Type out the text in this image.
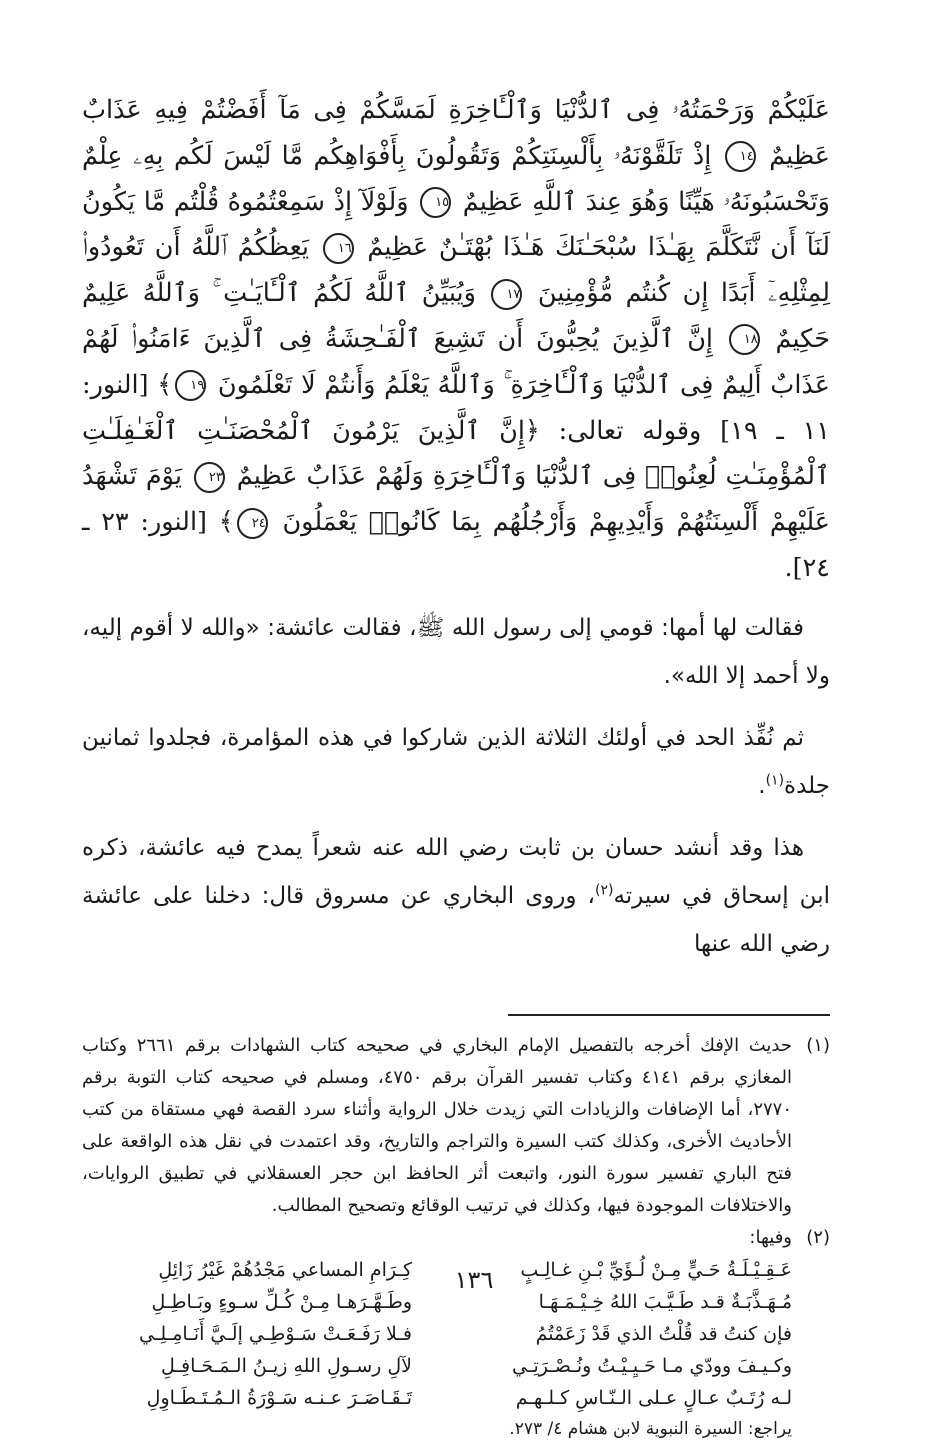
عَلَيْكُمْ وَرَحْمَتُهُۥ فِى ٱلدُّنْيَا وَٱلْـَٔاخِرَةِ لَمَسَّكُمْ فِى مَآ أَفَضْتُمْ فِيهِ عَذَابٌ عَظِيمٌ ١٤ إِذْ تَلَقَّوْنَهُۥ بِأَلْسِنَتِكُمْ وَتَقُولُونَ بِأَفْوَاهِكُم مَّا لَيْسَ لَكُم بِهِۦ عِلْمٌ وَتَحْسَبُونَهُۥ هَيِّنًا وَهُوَ عِندَ ٱللَّهِ عَظِيمٌ ١٥ وَلَوْلَآ إِذْ سَمِعْتُمُوهُ قُلْتُم مَّا يَكُونُ لَنَآ أَن نَّتَكَلَّمَ بِهَـٰذَا سُبْحَـٰنَكَ هَـٰذَا بُهْتَـٰنٌ عَظِيمٌ ١٦ يَعِظُكُمُ ٱللَّهُ أَن تَعُودُوا۟ لِمِثْلِهِۦٓ أَبَدًا إِن كُنتُم مُّؤْمِنِينَ ١٧ وَيُبَيِّنُ ٱللَّهُ لَكُمُ ٱلْـَٔايَـٰتِ ۚ وَٱللَّهُ عَلِيمٌ حَكِيمٌ ١٨ إِنَّ ٱلَّذِينَ يُحِبُّونَ أَن تَشِيعَ ٱلْفَـٰحِشَةُ فِى ٱلَّذِينَ ءَامَنُوا۟ لَهُمْ عَذَابٌ أَلِيمٌ فِى ٱلدُّنْيَا وَٱلْـَٔاخِرَةِ ۚ وَٱللَّهُ يَعْلَمُ وَأَنتُمْ لَا تَعْلَمُونَ ١٩﴾ [النور: ١١ ـ ١٩] وقوله تعالى: ﴿إِنَّ ٱلَّذِينَ يَرْمُونَ ٱلْمُحْصَنَـٰتِ ٱلْغَـٰفِلَـٰتِ ٱلْمُؤْمِنَـٰتِ لُعِنُوا۟ فِى ٱلدُّنْيَا وَٱلْـَٔاخِرَةِ وَلَهُمْ عَذَابٌ عَظِيمٌ ٢٣ يَوْمَ تَشْهَدُ عَلَيْهِمْ أَلْسِنَتُهُمْ وَأَيْدِيهِمْ وَأَرْجُلُهُم بِمَا كَانُوا۟ يَعْمَلُونَ ٢٤﴾ [النور: ٢٣ ـ ٢٤].

فقالت لها أمها: قومي إلى رسول الله ﷺ، فقالت عائشة: «والله لا أقوم إليه، ولا أحمد إلا الله».

ثم نُفِّذ الحد في أولئك الثلاثة الذين شاركوا في هذه المؤامرة، فجلدوا ثمانين جلدة$^{(١)}$.

هذا وقد أنشد حسان بن ثابت رضي الله عنه شعراً يمدح فيه عائشة، ذكره ابن إسحاق في سيرته$^{(٢)}$، وروى البخاري عن مسروق قال: دخلنا على عائشة رضي الله عنها

(١)
حديث الإفك أخرجه بالتفصيل الإمام البخاري في صحيحه كتاب الشهادات برقم ٢٦٦١ وكتاب المغازي برقم ٤١٤١ وكتاب تفسير القرآن برقم ٤٧٥٠، ومسلم في صحيحه كتاب التوبة برقم ٢٧٧٠، أما الإضافات والزيادات التي زيدت خلال الرواية وأثناء سرد القصة فهي مستقاة من كتب الأحاديث الأخرى، وكذلك كتب السيرة والتراجم والتاريخ، وقد اعتمدت في نقل هذه الواقعة على فتح الباري تفسير سورة النور، واتبعت أثر الحافظ ابن حجر العسقلاني في تطبيق الروايات، والاختلافات الموجودة فيها، وكذلك في ترتيب الوقائع وتصحيح المطالب.
(٢)
وفيها:
عَـقِـيْـلَـةُ حَـيٍّ مِـنْ لُـؤَيِّ بْـنِ غـالِـبٍ
كِـرَامِ المساعي مَجْدُهُمْ غَيْرُ زَائِلِ
مُـهَـذَّبَـةٌ قـد طَـيَّـبَ اللهُ خِـيْـمَـهَـا
وطَـهَّـرَهـا مِـنْ كُـلِّ سـوءٍ وبَـاطِـلِ
فإن كنتُ قد قُلْتُ الذي قَدْ زَعَمْتُمُ
فـلا رَفَـعَـتْ سَـوْطِـي إلَـيَّ أَنَـامِـلِـي
وكـيـفَ وودّي مـا حَـيِـيْـتُ ونُـصْـرَتِـي
لآلِ رسـولِ اللهِ زيـنُ الـمَـحَـافِـلِ
لـه رُتَـبٌ عـالٍ عـلى الـنّـاسِ كـلـهـم
تَـقَـاصَـرَ عـنـه سَـوْرَةُ الـمُـتَـطَـاوِلِ

يراجع: السيرة النبوية لابن هشام ٤/ ٢٧٣.

١٣٦
